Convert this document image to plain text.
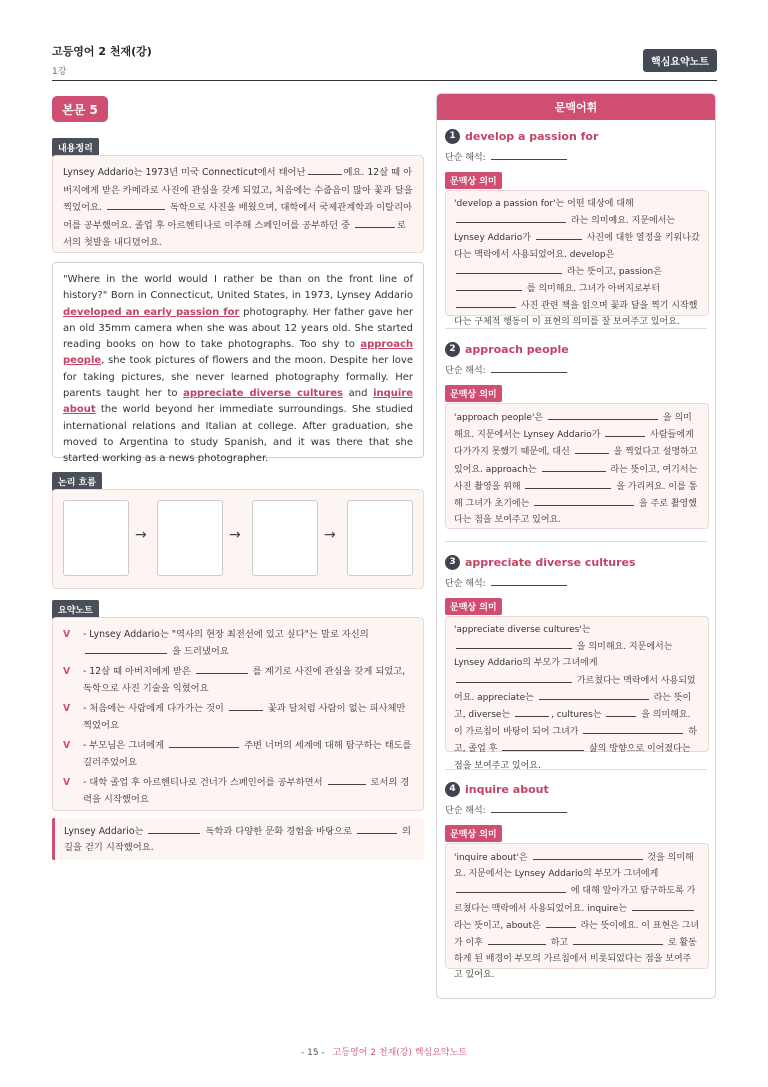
고등영어 2 천재(강)
1강
핵심요약노트
본문 5
내용정리
Lynsey Addario는 1973년 미국 Connecticut에서 태어난	예요. 12살 때 아버지에게 받은 카메라로 사진에 관심을 갖게 되었고, 처음에는 수줍음이 많아 꽃과 달을 찍었어요.	독학으로 사진을 배웠으며, 대학에서 국제관계학과 이탈리아어를 공부했어요. 졸업 후 아르헨티나로 이주해 스페인어를 공부하던 중	로서의 첫발을 내디뎠어요.
"Where in the world would I rather be than on the front line of history?" Born in Connecticut, United States, in 1973, Lynsey Addario developed an early passion for photography. Her father gave her an old 35mm camera when she was about 12 years old. She started reading books on how to take photographs. Too shy to approach people, she took pictures of flowers and the moon. Despite her love for taking pictures, she never learned photography formally. Her parents taught her to appreciate diverse cultures and inquire about the world beyond her immediate surroundings. She studied international relations and Italian at college. After graduation, she moved to Argentina to study Spanish, and it was there that she started working as a news photographer.
논리 흐름
→	→	→
요약노트
V - Lynsey Addario는 "역사의 현장 최전선에 있고 싶다"는 말로 자신의
을 드러냈어요
V - 12살 때 아버지에게 받은	를 계기로 사진에 관심을 갖게 되었고, 독학으로 사진 기술을 익혔어요
V - 처음에는 사람에게 다가가는 것이	꽃과 달처럼 사람이 없는 피사체만 찍었어요
V - 부모님은 그녀에게	주변 너머의 세계에 대해 탐구하는 태도를 길러주었어요
V - 대학 졸업 후 아르헨티나로 건너가 스페인어를 공부하면서	로서의 경력을 시작했어요
Lynsey Addario는	독학과 다양한 문화 경험을 바탕으로	의 길을 걷기 시작했어요.
문맥어휘
1 develop a passion for
단순 해석:
문맥상 의미
'develop a passion for'는 어떤 대상에 대해
라는 의미예요. 지문에서는 Lynsey Addario가	사진에 대한 열정을 키워나갔다는 맥락에서 사용되었어요. develop은  라는 뜻이고, passion은  를 의미해요. 그녀가 아버지로부터  사진 관련 책을 읽으며 꽃과 달을 찍기 시작했다는 구체적 행동이 이 표현의 의미를 잘 보여주고 있어요.
2 approach people
단순 해석:
문맥상 의미
'approach people'은	을 의미해요. 지문에서는 Lynsey Addario가	사람들에게 다가가지 못했기 때문에, 대신	을 찍었다고 설명하고 있어요. approach는	라는 뜻이고, 여기서는 사진 촬영을 위해	을 가리켜요. 이를 통해 그녀가 초기에는	을 주로 촬영했다는 점을 보여주고 있어요.
3 appreciate diverse cultures
단순 해석:
문맥상 의미
'appreciate diverse cultures'는
을 의미해요. 지문에서는 Lynsey Addario의 부모가 그녀에게  가르쳤다는 맥락에서 사용되었어요. appreciate는	라는 뜻이고, diverse는	, cultures는	을 의미해요. 이 가르침이 바탕이 되어 그녀가	하고, 졸업 후	삶의 방향으로 이어졌다는 점을 보여주고 있어요.
4 inquire about
단순 해석:
문맥상 의미
'inquire about'은	것을 의미해요. 지문에서는 Lynsey Addario의 부모가 그녀에게  에 대해 알아가고 탐구하도록 가르쳤다는 맥락에서 사용되었어요. inquire는  라는 뜻이고, about은	라는 뜻이에요. 이 표현은 그녀가 이후	하고	로 활동하게 된 배경이 부모의 가르침에서 비롯되었다는 점을 보여주고 있어요.
- 15 - 고등영어 2 천재(강) 핵심요약노트
